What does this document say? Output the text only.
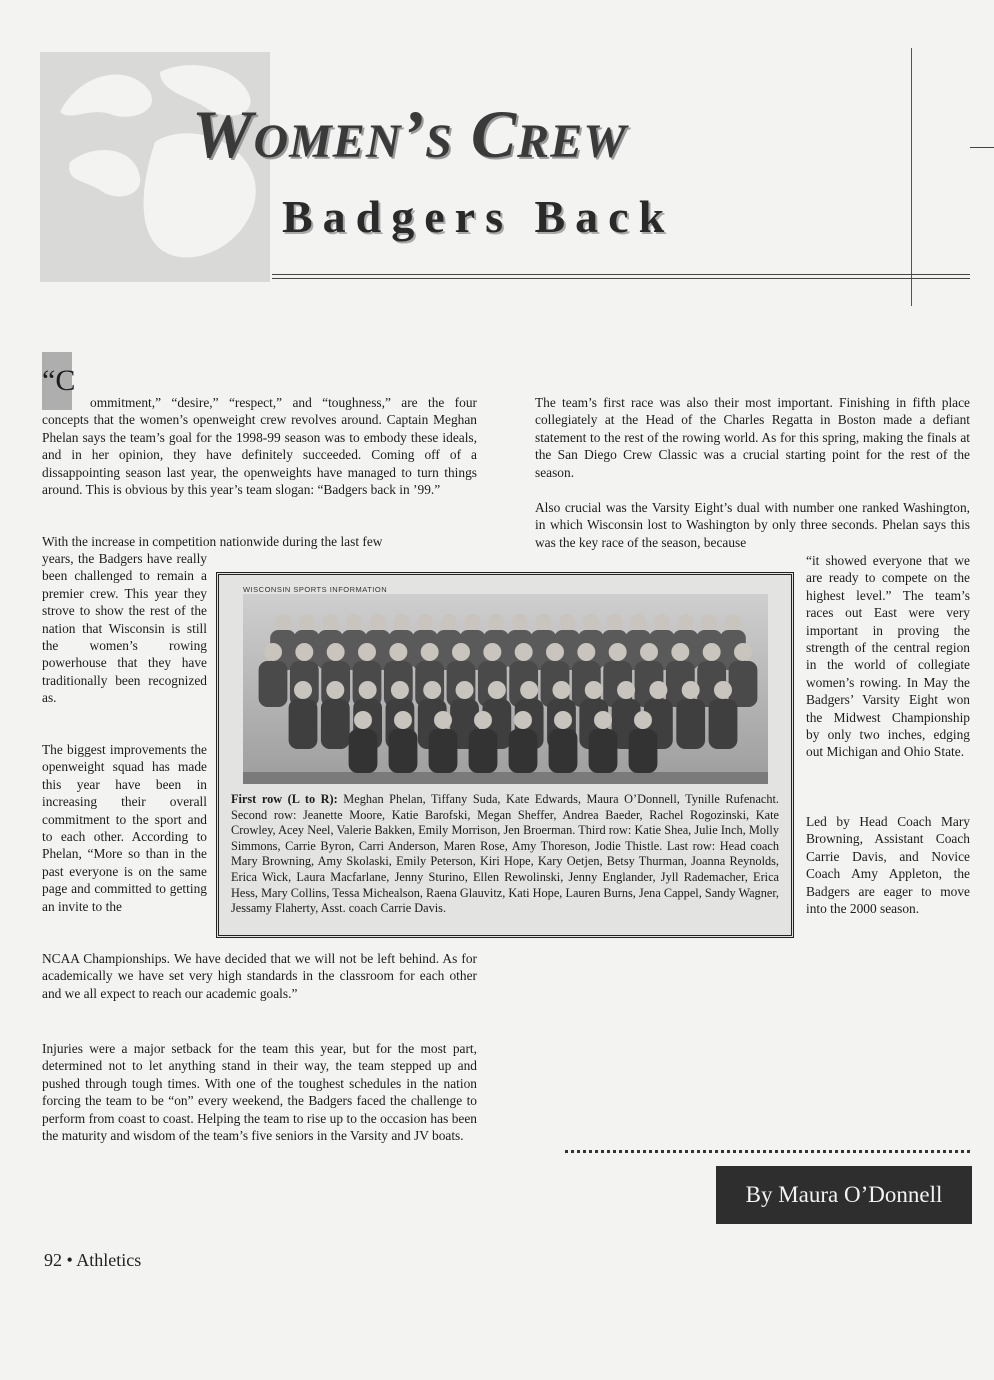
Women’s Crew
Badgers Back
“C

ommitment,” “desire,” “respect,” and “toughness,” are the four concepts that the women’s openweight crew revolves around. Captain Meghan Phelan says the team’s goal for the 1998-99 season was to embody these ideals, and in her opinion, they have definitely succeeded. Coming off of a dissappointing season last year, the openweights have managed to turn things around. This is obvious by this year’s team slogan: “Badgers back in ’99.”

With the increase in competition nationwide during the last few

years, the Badgers have really been challenged to remain a premier crew. This year they strove to show the rest of the nation that Wisconsin is still the women’s rowing powerhouse that they have traditionally been recognized as.

The biggest improvements the openweight squad has made this year have been in increasing their overall commitment to the sport and to each other. According to Phelan, “More so than in the past everyone is on the same page and committed to getting an invite to the

NCAA Championships. We have decided that we will not be left behind. As for academically we have set very high standards in the classroom for each other and we all expect to reach our academic goals.”

Injuries were a major setback for the team this year, but for the most part, determined not to let anything stand in their way, the team stepped up and pushed through tough times. With one of the toughest schedules in the nation forcing the team to be “on” every weekend, the Badgers faced the challenge to perform from coast to coast. Helping the team to rise up to the occasion has been the maturity and wisdom of the team’s five seniors in the Varsity and JV boats.

The team’s first race was also their most important. Finishing in fifth place collegiately at the Head of the Charles Regatta in Boston made a defiant statement to the rest of the rowing world. As for this spring, making the finals at the San Diego Crew Classic was a crucial starting point for the rest of the season.

Also crucial was the Varsity Eight’s dual with number one ranked Washington, in which Wisconsin lost to Washington by only three seconds. Phelan says this was the key race of the season, because

“it showed everyone that we are ready to compete on the highest level.” The team’s races out East were very important in proving the strength of the central region in the world of collegiate women’s rowing. In May the Badgers’ Varsity Eight won the Midwest Championship by only two inches, edging out Michigan and Ohio State.

Led by Head Coach Mary Browning, Assistant Coach Carrie Davis, and Novice Coach Amy Appleton, the Badgers are eager to move into the 2000 season.

WISCONSIN SPORTS INFORMATION

First row (L to R): Meghan Phelan, Tiffany Suda, Kate Edwards, Maura O’Donnell, Tynille Rufenacht. Second row: Jeanette Moore, Katie Barofski, Megan Sheffer, Andrea Baeder, Rachel Rogozinski, Kate Crowley, Acey Neel, Valerie Bakken, Emily Morrison, Jen Broerman. Third row: Katie Shea, Julie Inch, Molly Simmons, Carrie Byron, Carri Anderson, Maren Rose, Amy Thoreson, Jodie Thistle. Last row: Head coach Mary Browning, Amy Skolaski, Emily Peterson, Kiri Hope, Kary Oetjen, Betsy Thurman, Joanna Reynolds, Erica Wick, Laura Macfarlane, Jenny Sturino, Ellen Rewolinski, Jenny Englander, Jyll Rademacher, Erica Hess, Mary Collins, Tessa Michealson, Raena Glauvitz, Kati Hope, Lauren Burns, Jena Cappel, Sandy Wagner, Jessamy Flaherty, Asst. coach Carrie Davis.

By Maura O’Donnell
92 • Athletics
